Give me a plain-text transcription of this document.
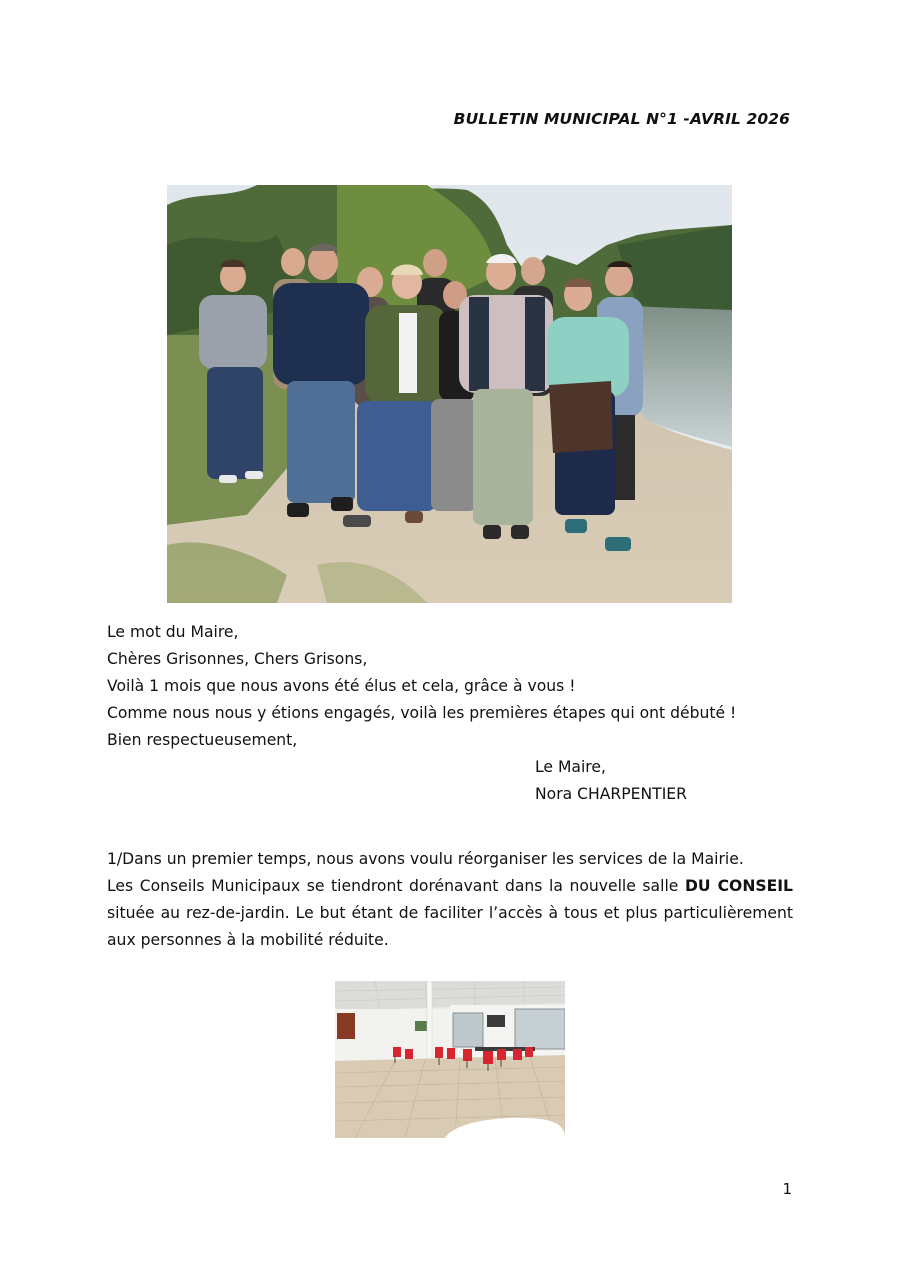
BULLETIN MUNICIPAL N°1 -AVRIL 2026

Le mot du Maire,

Chères Grisonnes, Chers Grisons,

Voilà 1 mois que nous avons été élus et cela, grâce à vous !

Comme nous nous y étions engagés, voilà les premières étapes qui ont débuté !

Bien respectueusement,

Le Maire,

Nora CHARPENTIER

1/Dans un premier temps, nous avons voulu réorganiser les services de la Mairie.

Les Conseils Municipaux se tiendront dorénavant dans la nouvelle salle DU CONSEIL située au rez-de-jardin. Le but étant de faciliter l’accès à tous et plus particulièrement aux personnes à la mobilité réduite.

1
